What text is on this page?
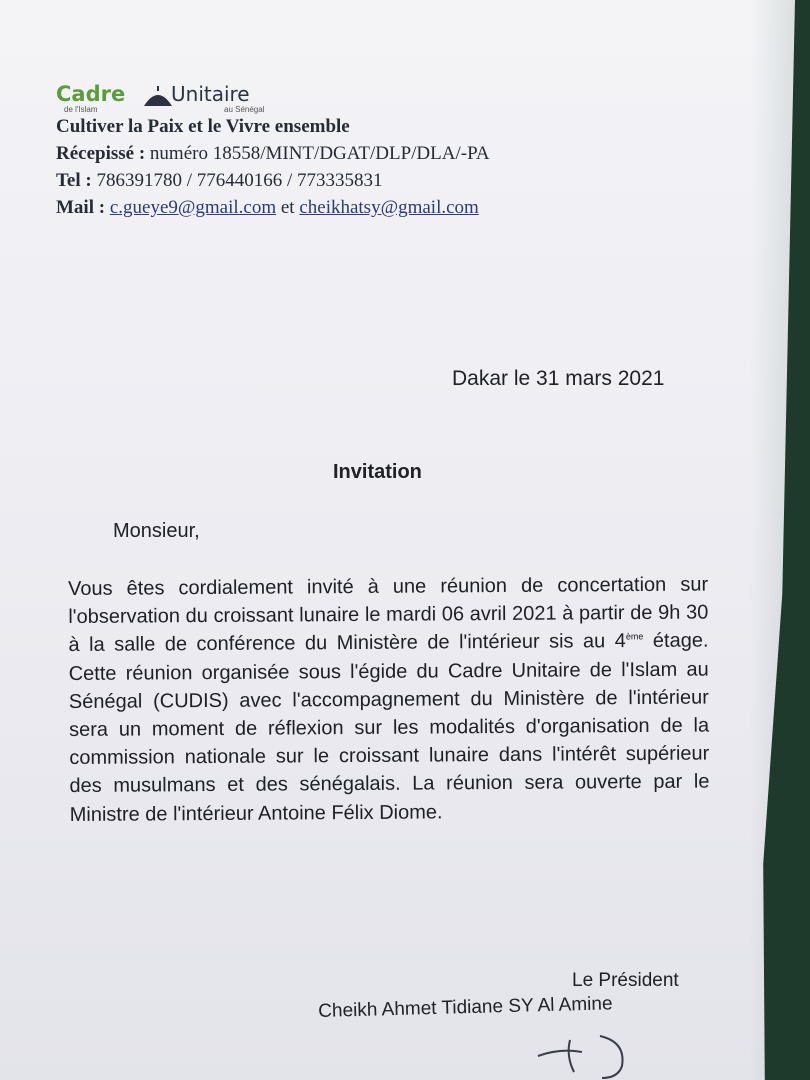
Cadre Unitaire
de l'Islam	au Sénégal
Cultiver la Paix et le Vivre ensemble
Récepissé : numéro 18558/MINT/DGAT/DLP/DLA/-PA
Tel : 786391780 / 776440166 / 773335831
Mail : c.gueye9@gmail.com et cheikhatsy@gmail.com
Dakar le 31 mars 2021
Invitation
Monsieur,
Vous êtes cordialement invité à une réunion de concertation sur l'observation du croissant lunaire le mardi 06 avril 2021 à partir de 9h 30 à la salle de conférence du Ministère de l'intérieur sis au 4ème étage. Cette réunion organisée sous l'égide du Cadre Unitaire de l'Islam au Sénégal (CUDIS) avec l'accompagnement du Ministère de l'intérieur sera un moment de réflexion sur les modalités d'organisation de la commission nationale sur le croissant lunaire dans l'intérêt supérieur des musulmans et des sénégalais. La réunion sera ouverte par le Ministre de l'intérieur Antoine Félix Diome.
Le Président
Cheikh Ahmet Tidiane SY Al Amine
